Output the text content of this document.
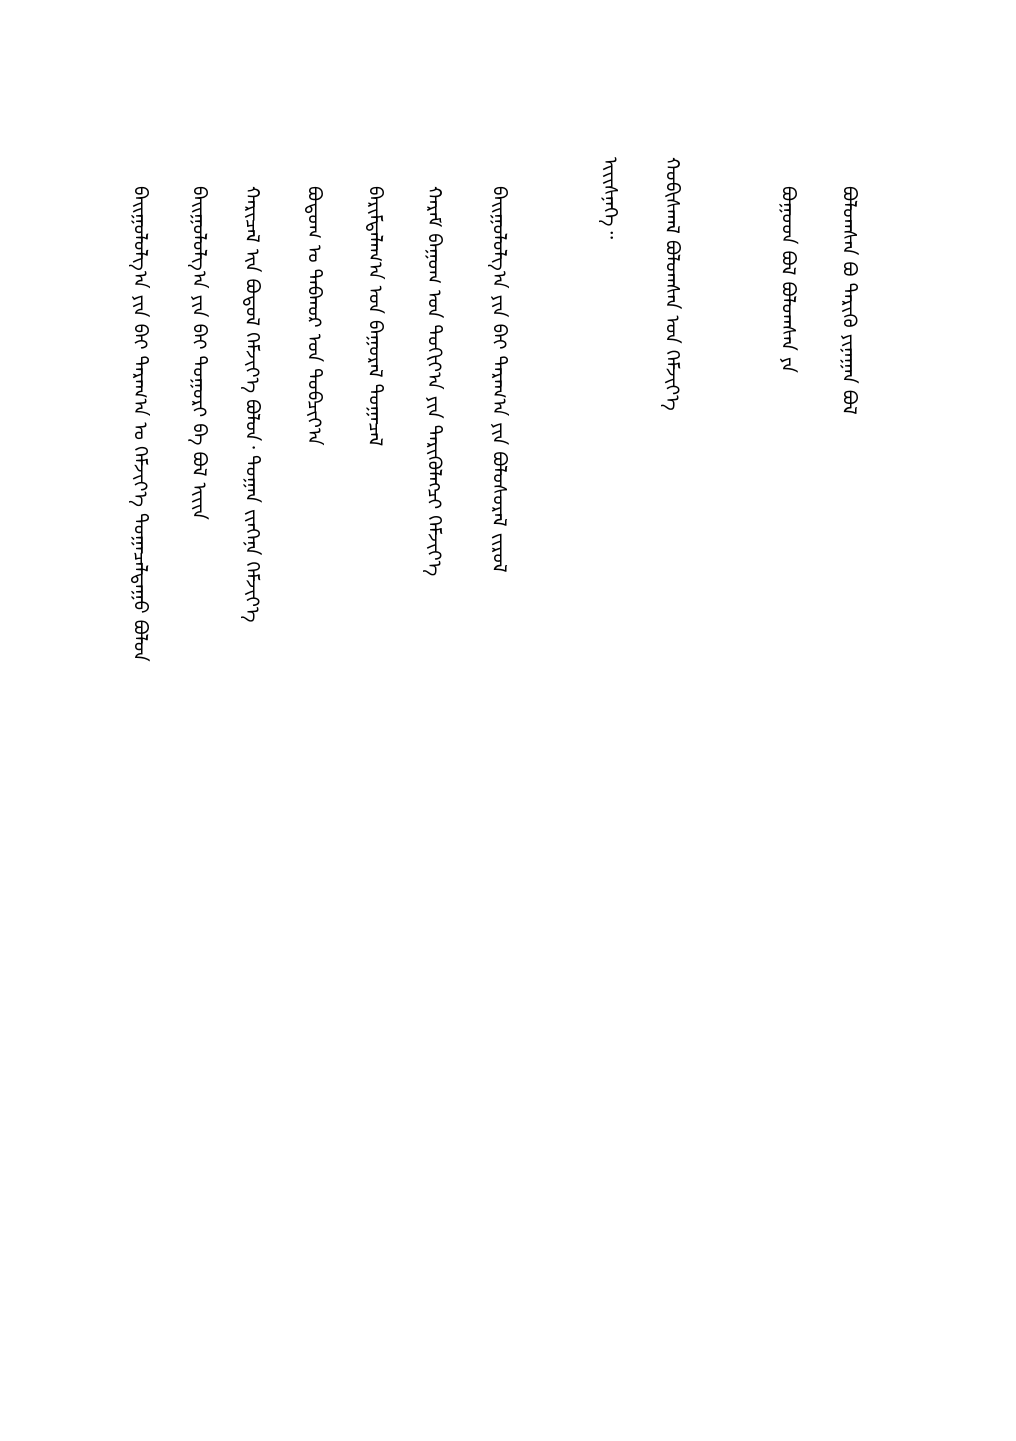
ᠪᠣᠯᠣᠭᠰᠠᠨ ᠪᠣ ᠲᠡᠷᠢᠭᠦ ᠶᠢᠨᠠᠭᠠᠨ ᠪᠣᠯ
ᠪᠣᠭᠣᠳ ᠪᠣᠯ ᠪᠣᠯᠣᠭᠰᠠᠨ ᠶᠠ
ᠬᠣᠪᠢᠰᠬᠠᠯ ᠪᠣᠯᠣᠭᠰᠠᠨ ᠤᠨ ᠬᠡᠮᠵᠢᠶ᠎ᠡ
ᠢᠢᠢᠰᠨᠡᠭᠡ᠃
ᠪᠠᠢᠭᠤᠯᠤᠯᠭ᠎ᠠ ᠶᠢᠨ ᠪᠠᠢ ᠳᠠᠷᠠᠭ᠎ᠠ ᠶᠢᠨ ᠪᠣᠯᠣᠰᠤᠷᠠᠯ ᠵᠢᠷᠤᠯ
ᠬᠠᠷᠠᠮ ᠪᠠᠭᠤᠭ ᠤᠨ ᠳᠣᠬᠢᠶ᠎ᠠ ᠶᠢᠨ ᠲᠡᠷᠢᠭᠦᠯᠡᠭᠴᠢ ᠬᠡᠮᠵᠢᠶ᠎ᠡ
ᠪᠠᠷᠢᠮᠲᠠᠯᠠᠭ᠎ᠠ ᠤᠨ ᠪᠠᠭᠤᠷᠠᠯ ᠲᠣᠭᠠᠴᠠᠯ
ᠪᠣᠳᠣᠭ ᠣ ᠳᠠᠪᠬᠤᠷ ᠤᠨ ᠲᠣᠪᠴᠢᠶ᠎ᠠ
ᠬᠠᠷᠢᠴᠠᠯ ᠢᠨ ᠪᠣᠳᠣᠯ ᠬᠡᠮᠵᠢᠶ᠎ᠡ ᠪᠣᠯᠣᠨ᠂ ᠲᠣᠭᠠᠨ ᠵᠢᠨᠬᠡᠨᠡ ᠬᠡᠮᠵᠢᠶ᠎ᠡ
ᠪᠠᠢᠭᠤᠯᠤᠯᠭ᠎ᠠ ᠶᠢᠨ ᠪᠠᠢ ᠳᠣᠭᠣᠷᠢ ᠪᠠ ᠪᠣᠯ ᠢᠢᠢᠨ
ᠪᠠᠢᠭᠤᠯᠤᠯᠭ᠎ᠠ ᠶᠢᠨ ᠪᠠᠢ ᠳᠠᠷᠠᠭ᠎ᠠ ᠤ ᠬᠡᠮᠵᠢᠶ᠎ᠡ ᠲᠣᠭᠠᠴᠠᠯᠳᠠᠭᠤ ᠪᠣᠯᠤᠨ
